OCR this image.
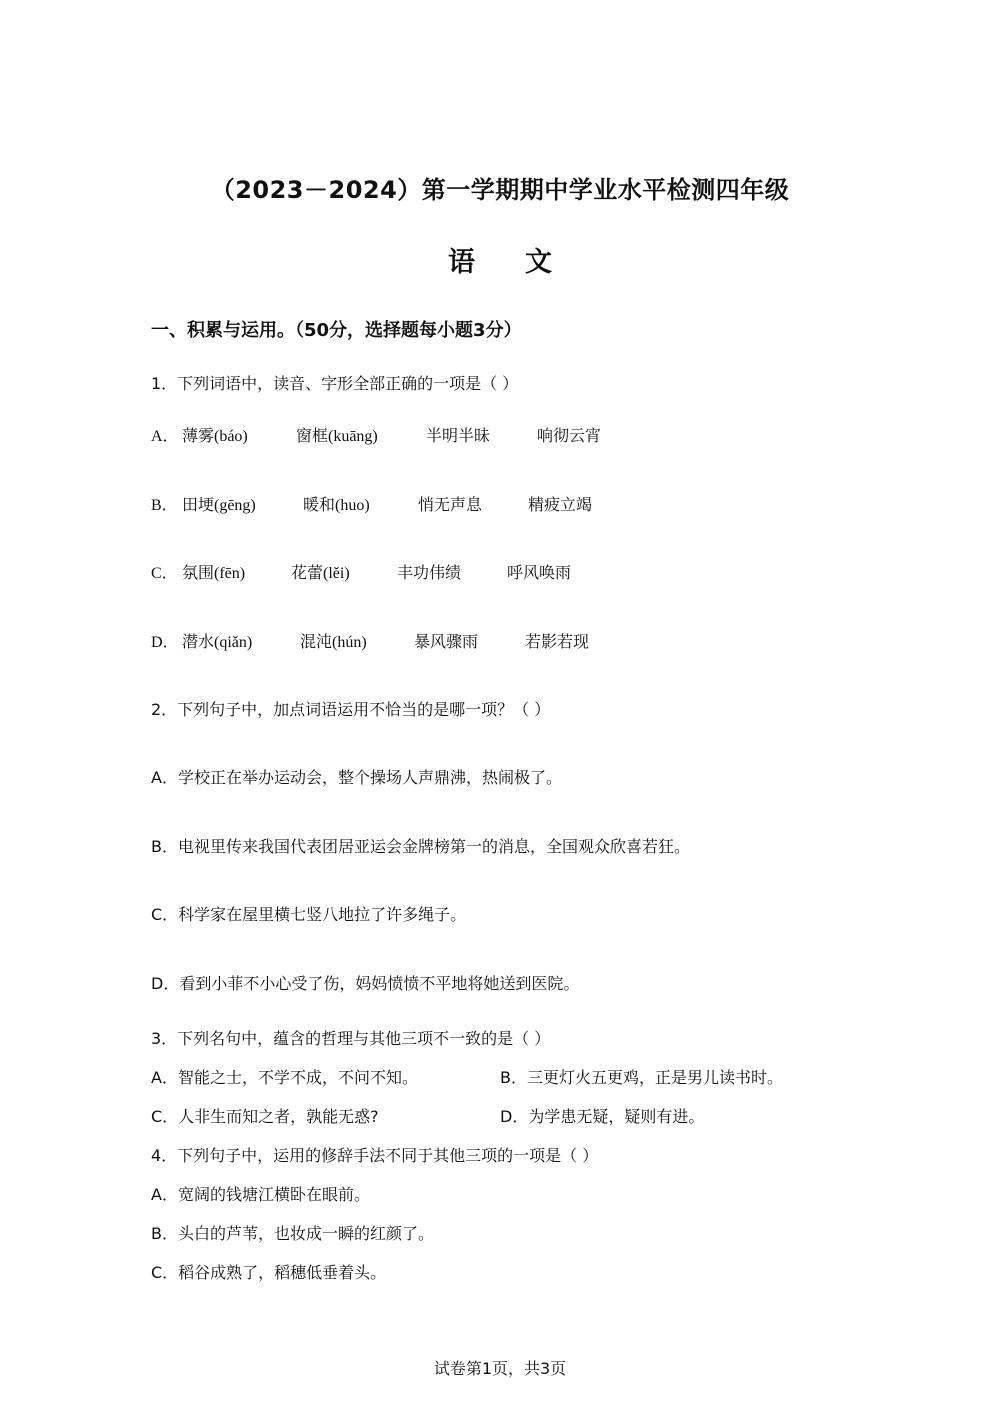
（2023－2024）第一学期期中学业水平检测四年级
语文
一、积累与运用。（50分，选择题每小题3分）
1．下列词语中，读音、字形全部正确的一项是（ ）
A． 薄雾(báo)	窗框(kuāng)	半明半昧	响彻云宵
B． 田埂(gēng)	暖和(huo)	悄无声息	精疲立竭
C． 氛围(fēn)	花蕾(lěi)	丰功伟绩	呼风唤雨
D． 潜水(qiǎn)	混沌(hún)	暴风骤雨	若影若现
2．下列句子中，加点词语运用不恰当的是哪一项？（ ）
A．学校正在举办运动会，整个操场人声鼎沸，热闹极了。
B．电视里传来我国代表团居亚运会金牌榜第一的消息，全国观众欣喜若狂。
C．科学家在屋里横七竖八地拉了许多绳子。
D．看到小菲不小心受了伤，妈妈愤愤不平地将她送到医院。
3．下列名句中，蕴含的哲理与其他三项不一致的是（ ）
A．智能之士，不学不成，不问不知。	B．三更灯火五更鸡，正是男儿读书时。
C．人非生而知之者，孰能无惑?	D．为学患无疑，疑则有进。
4．下列句子中，运用的修辞手法不同于其他三项的一项是（ ）
A．宽阔的钱塘江横卧在眼前。
B．头白的芦苇，也妆成一瞬的红颜了。
C．稻谷成熟了，稻穗低垂着头。
试卷第1页，共3页
